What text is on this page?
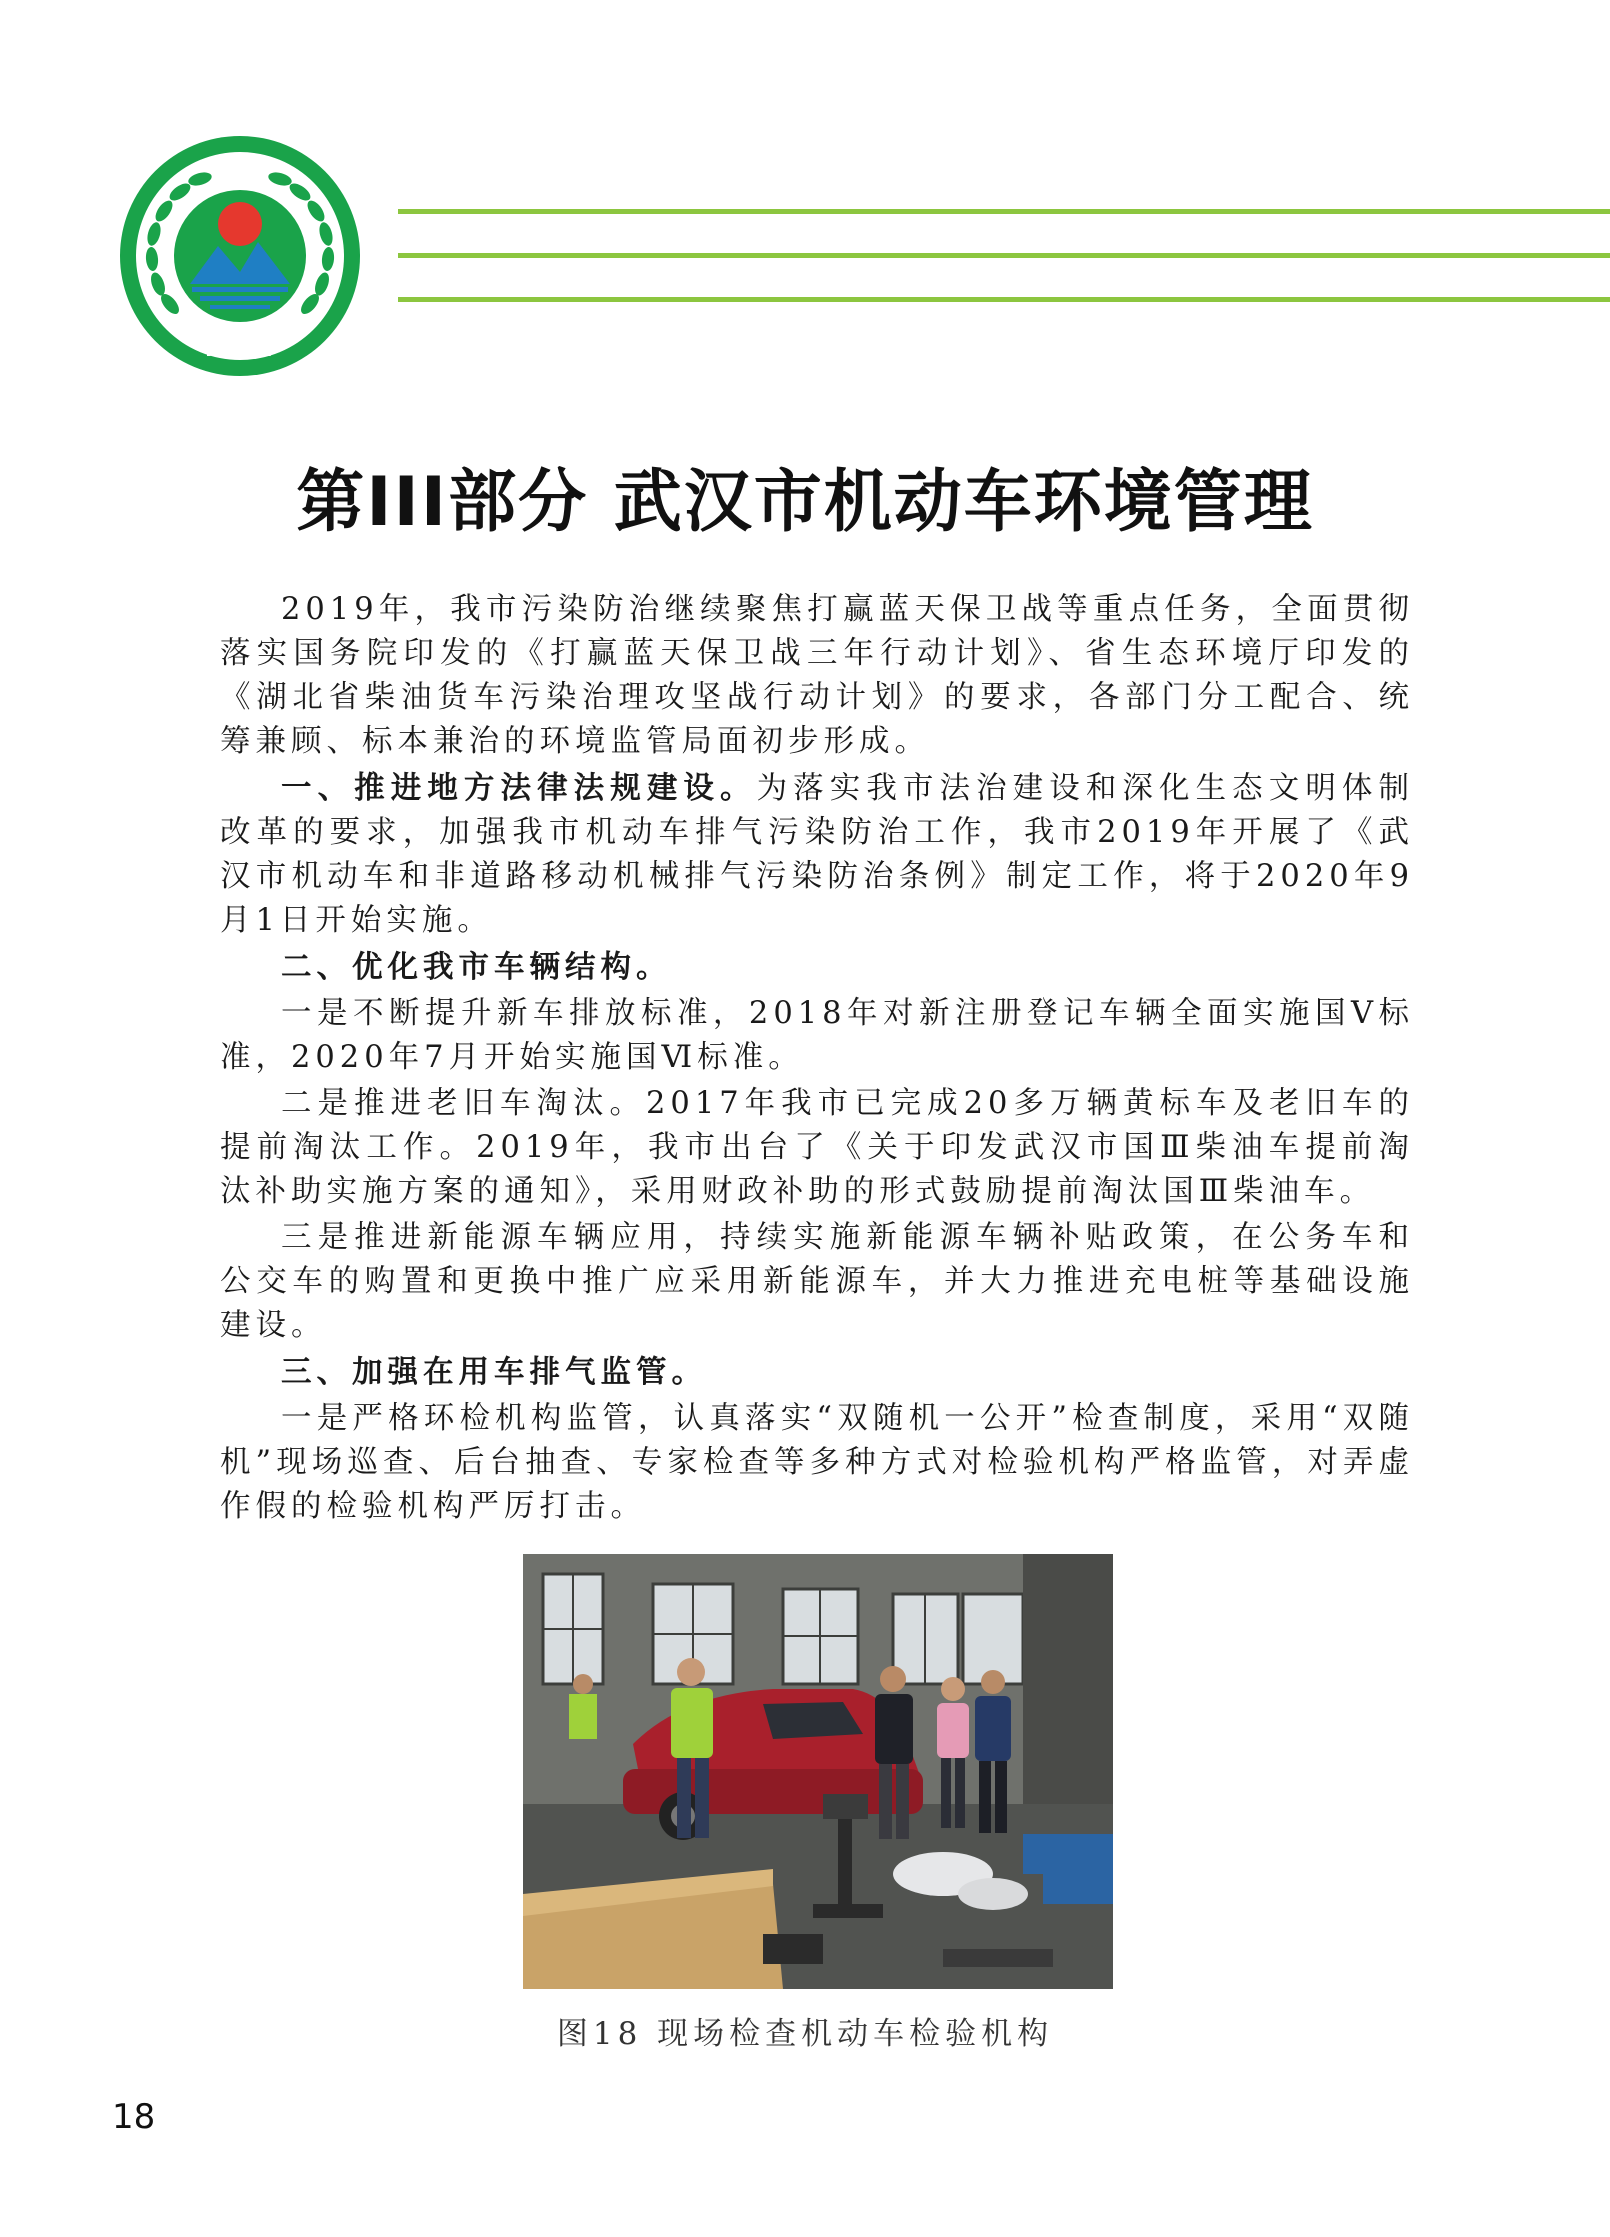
MEE
第III部分 武汉市机动车环境管理

2019年，我市污染防治继续聚焦打赢蓝天保卫战等重点任务，全面贯彻落实国务院印发的《打赢蓝天保卫战三年行动计划》、省生态环境厅印发的《湖北省柴油货车污染治理攻坚战行动计划》的要求，各部门分工配合、统筹兼顾、标本兼治的环境监管局面初步形成。

一、推进地方法律法规建设。为落实我市法治建设和深化生态文明体制改革的要求，加强我市机动车排气污染防治工作，我市2019年开展了《武汉市机动车和非道路移动机械排气污染防治条例》制定工作，将于2020年9月1日开始实施。

二、优化我市车辆结构。

一是不断提升新车排放标准，2018年对新注册登记车辆全面实施国Ⅴ标准，2020年7月开始实施国Ⅵ标准。

二是推进老旧车淘汰。2017年我市已完成20多万辆黄标车及老旧车的提前淘汰工作。2019年，我市出台了《关于印发武汉市国Ⅲ柴油车提前淘汰补助实施方案的通知》，采用财政补助的形式鼓励提前淘汰国Ⅲ柴油车。

三是推进新能源车辆应用，持续实施新能源车辆补贴政策，在公务车和公交车的购置和更换中推广应采用新能源车，并大力推进充电桩等基础设施建设。

三、加强在用车排气监管。

一是严格环检机构监管，认真落实“双随机一公开”检查制度，采用“双随机”现场巡查、后台抽查、专家检查等多种方式对检验机构严格监管，对弄虚作假的检验机构严厉打击。

图18 现场检查机动车检验机构
18
